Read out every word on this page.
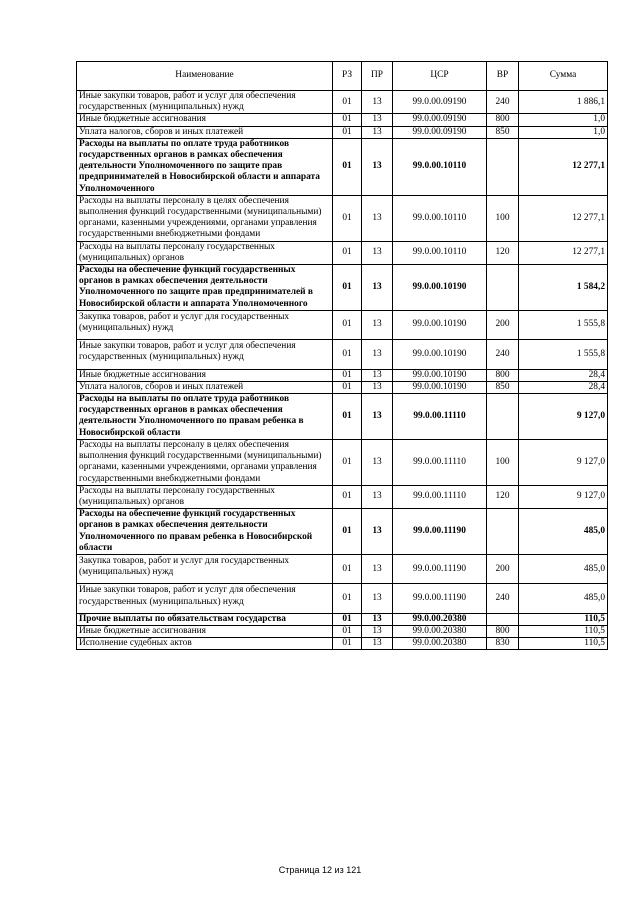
Наименование	РЗ	ПР	ЦСР	ВР	Сумма
Иные закупки товаров, работ и услуг для обеспечения государственных (муниципальных) нужд	01	13	99.0.00.09190	240	1 886,1
Иные бюджетные ассигнования	01	13	99.0.00.09190	800	1,0
Уплата налогов, сборов и иных платежей	01	13	99.0.00.09190	850	1,0
Расходы на выплаты по оплате труда работников государственных органов в рамках обеспечения деятельности Уполномоченного по защите прав предпринимателей в Новосибирской области и аппарата Уполномоченного	01	13	99.0.00.10110		12 277,1
Расходы на выплаты персоналу в целях обеспечения выполнения функций государственными (муниципальными) органами, казенными учреждениями, органами управления государственными внебюджетными фондами	01	13	99.0.00.10110	100	12 277,1
Расходы на выплаты персоналу государственных (муниципальных) органов	01	13	99.0.00.10110	120	12 277,1
Расходы на обеспечение функций государственных органов в рамках обеспечения деятельности Уполномоченного по защите прав предпринимателей в Новосибирской области и аппарата Уполномоченного	01	13	99.0.00.10190		1 584,2
Закупка товаров, работ и услуг для государственных (муниципальных) нужд	01	13	99.0.00.10190	200	1 555,8
Иные закупки товаров, работ и услуг для обеспечения государственных (муниципальных) нужд	01	13	99.0.00.10190	240	1 555,8
Иные бюджетные ассигнования	01	13	99.0.00.10190	800	28,4
Уплата налогов, сборов и иных платежей	01	13	99.0.00.10190	850	28,4
Расходы на выплаты по оплате труда работников государственных органов в рамках обеспечения деятельности Уполномоченного по правам ребенка в Новосибирской области	01	13	99.0.00.11110		9 127,0
Расходы на выплаты персоналу в целях обеспечения выполнения функций государственными (муниципальными) органами, казенными учреждениями, органами управления государственными внебюджетными фондами	01	13	99.0.00.11110	100	9 127,0
Расходы на выплаты персоналу государственных (муниципальных) органов	01	13	99.0.00.11110	120	9 127,0
Расходы на обеспечение функций государственных органов в рамках обеспечения деятельности Уполномоченного по правам ребенка в Новосибирской области	01	13	99.0.00.11190		485,0
Закупка товаров, работ и услуг для государственных (муниципальных) нужд	01	13	99.0.00.11190	200	485,0
Иные закупки товаров, работ и услуг для обеспечения государственных (муниципальных) нужд	01	13	99.0.00.11190	240	485,0
Прочие выплаты по обязательствам государства	01	13	99.0.00.20380		110,5
Иные бюджетные ассигнования	01	13	99.0.00.20380	800	110,5
Исполнение судебных актов	01	13	99.0.00.20380	830	110,5
Страница 12 из 121
